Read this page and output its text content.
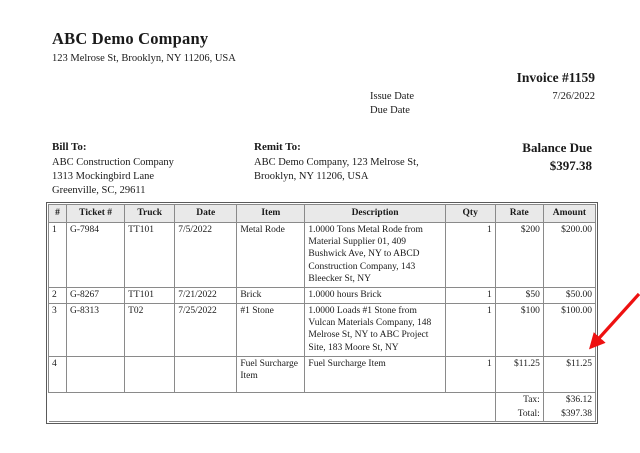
ABC Demo Company
123 Melrose St, Brooklyn, NY 11206, USA
Invoice #1159
Issue Date	7/26/2022
Due Date
Bill To:
ABC Construction Company
1313 Mockingbird Lane
Greenville, SC, 29611
Remit To:
ABC Demo Company, 123 Melrose St,
Brooklyn, NY 11206, USA
Balance Due
$397.38
#	Ticket #	Truck	Date	Item	Description	Qty	Rate	Amount
1	G-7984	TT101	7/5/2022	Metal Rode	1.0000 Tons Metal Rode from Material Supplier 01, 409 Bushwick Ave, NY to ABCD Construction Company, 143 Bleecker St, NY	1	$200	$200.00
2	G-8267	TT101	7/21/2022	Brick	1.0000 hours Brick	1	$50	$50.00
3	G-8313	T02	7/25/2022	#1 Stone	1.0000 Loads #1 Stone from Vulcan Materials Company, 148 Melrose St, NY to ABC Project Site, 183 Moore St, NY	1	$100	$100.00
4				Fuel Surcharge Item	Fuel Surcharge Item	1	$11.25	$11.25
							Tax:	$36.12
							Total:	$397.38
